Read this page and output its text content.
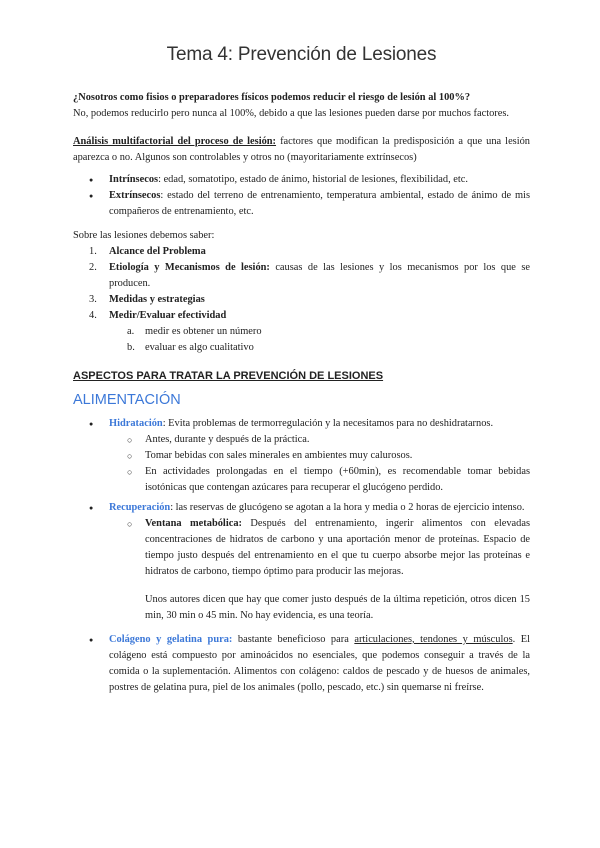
Tema 4: Prevención de Lesiones

¿Nosotros como fisios o preparadores físicos podemos reducir el riesgo de lesión al 100%?
No, podemos reducirlo pero nunca al 100%, debido a que las lesiones pueden darse por muchos factores.

Análisis multifactorial del proceso de lesión: factores que modifican la predisposición a que una lesión aparezca o no. Algunos son controlables y otros no (mayoritariamente extrínsecos)

● Intrínsecos: edad, somatotipo, estado de ánimo, historial de lesiones, flexibilidad, etc.
● Extrínsecos: estado del terreno de entrenamiento, temperatura ambiental, estado de ánimo de mis compañeros de entrenamiento, etc.

Sobre las lesiones debemos saber:

1. Alcance del Problema
2. Etiología y Mecanismos de lesión: causas de las lesiones y los mecanismos por los que se producen.
3. Medidas y estrategias
4. Medir/Evaluar efectividad
a. medir es obtener un número
b. evaluar es algo cualitativo
ASPECTOS PARA TRATAR LA PREVENCIÓN DE LESIONES
ALIMENTACIÓN
● Hidratación: Evita problemas de termorregulación y la necesitamos para no deshidratarnos.
○ Antes, durante y después de la práctica.
○ Tomar bebidas con sales minerales en ambientes muy calurosos.
○ En actividades prolongadas en el tiempo (+60min), es recomendable tomar bebidas isotónicas que contengan azúcares para recuperar el glucógeno perdido.
● Recuperación: las reservas de glucógeno se agotan a la hora y media o 2 horas de ejercicio intenso.
○ Ventana metabólica: Después del entrenamiento, ingerir alimentos con elevadas concentraciones de hidratos de carbono y una aportación menor de proteínas. Espacio de tiempo justo después del entrenamiento en el que tu cuerpo absorbe mejor las proteínas e hidratos de carbono, tiempo óptimo para producir las mejoras.

Unos autores dicen que hay que comer justo después de la última repetición, otros dicen 15 min, 30 min o 45 min. No hay evidencia, es una teoría.

● Colágeno y gelatina pura: bastante beneficioso para articulaciones, tendones y músculos. El colágeno está compuesto por aminoácidos no esenciales, que podemos conseguir a través de la comida o la suplementación. Alimentos con colágeno: caldos de pescado y de huesos de animales, postres de gelatina pura, piel de los animales (pollo, pescado, etc.) sin quemarse ni freírse.
